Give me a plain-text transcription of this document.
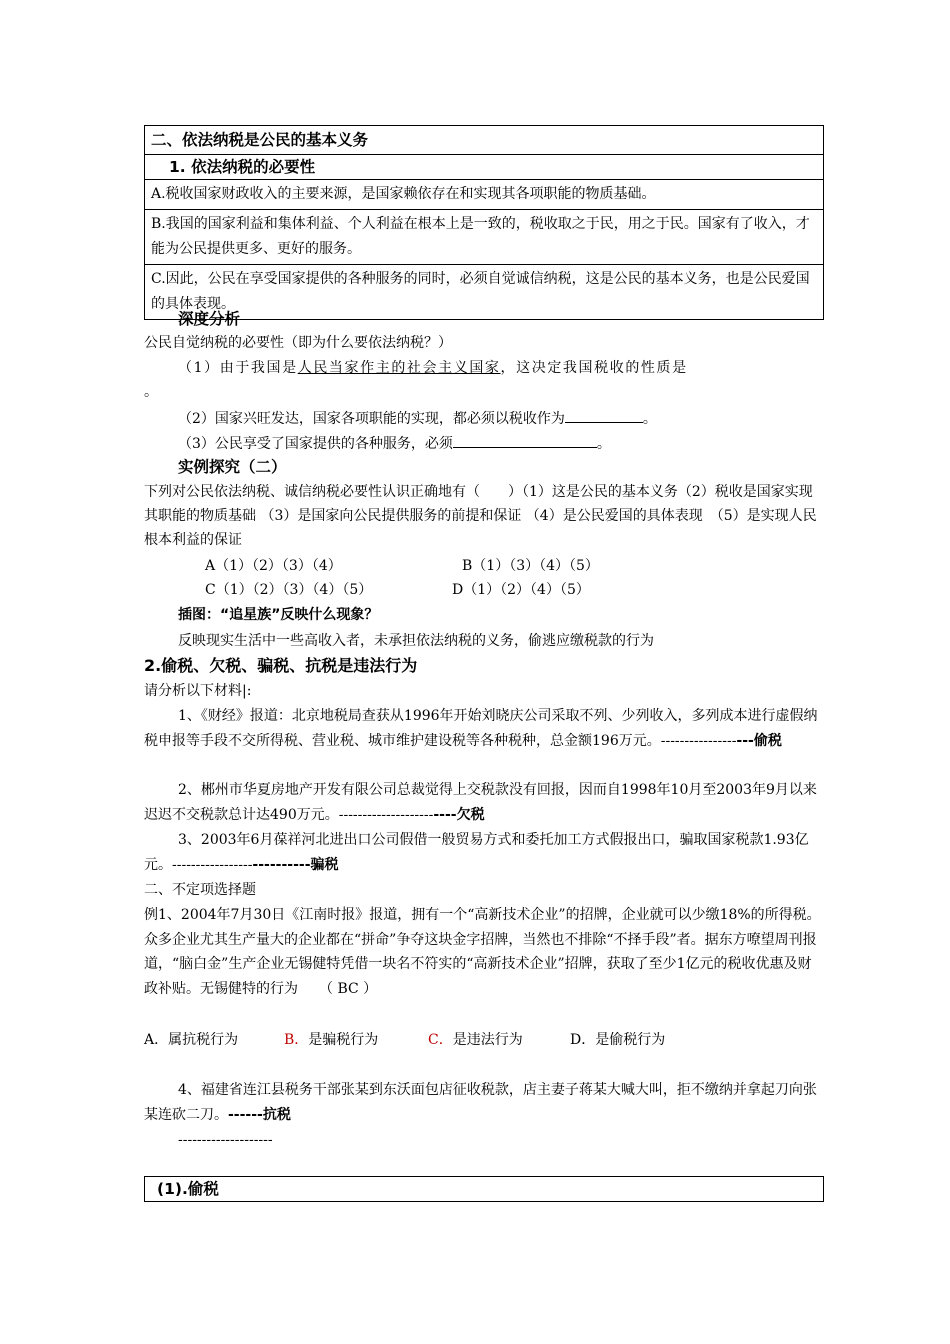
二、依法纳税是公民的基本义务
1. 依法纳税的必要性
A.税收国家财政收入的主要来源，是国家赖依存在和实现其各项职能的物质基础。
B.我国的国家利益和集体利益、个人利益在根本上是一致的，税收取之于民，用之于民。国家有了收入，才能为公民提供更多、更好的服务。
C.因此，公民在享受国家提供的各种服务的同时，必须自觉诚信纳税，这是公民的基本义务，也是公民爱国的具体表现。
深度分析
公民自觉纳税的必要性（即为什么要依法纳税？）
（1）由于我国是人民当家作主的社会主义国家，这决定我国税收的性质是
。
（2）国家兴旺发达，国家各项职能的实现，都必须以税收作为	。
（3）公民享受了国家提供的各种服务，必须	。
实例探究（二）
下列对公民依法纳税、诚信纳税必要性认识正确地有（　　）（1）这是公民的基本义务（2）税收是国家实现其职能的物质基础 （3）是国家向公民提供服务的前提和保证 （4）是公民爱国的具体表现　（5）是实现人民根本利益的保证
A（1）（2）（3）（4）	B（1）（3）（4）（5）
C（1）（2）（3）（4）（5）	D（1）（2）（4）（5）
插图：“追星族”反映什么现象？
反映现实生活中一些高收入者，未承担依法纳税的义务，偷逃应缴税款的行为
2.偷税、欠税、骗税、抗税是违法行为
请分析以下材料|:
1、《财经》报道：北京地税局查获从1996年开始刘晓庆公司采取不列、少列收入，多列成本进行虚假纳税申报等手段不交所得税、营业税、城市维护建设税等各种税种，总金额196万元。-------------------偷税
2、郴州市华夏房地产开发有限公司总裁觉得上交税款没有回报，因而自1998年10月至2003年9月以来迟迟不交税款总计达490万元。------------------------欠税
3、2003年6月葆祥河北进出口公司假借一般贸易方式和委托加工方式假报出口，骗取国家税款1.93亿元。---------------------------骗税
二、不定项选择题
例1、2004年7月30日《江南时报》报道，拥有一个“高新技术企业”的招牌，企业就可以少缴18%的所得税。众多企业尤其生产量大的企业都在“拼命”争夺这块金字招牌，当然也不排除“不择手段”者。据东方嘹望周刊报道，“脑白金”生产企业无锡健特凭借一块名不符实的“高新技术企业”招牌，获取了至少1亿元的税收优惠及财政补贴。无锡健特的行为　　（ BC ）
A．属抗税行为	B．是骗税行为	C．是违法行为	D．是偷税行为
4、福建省连江县税务干部张某到东沃面包店征收税款，店主妻子蒋某大喊大叫，拒不缴纳并拿起刀向张某连砍二刀。------抗税
--------------------
(1).偷税
